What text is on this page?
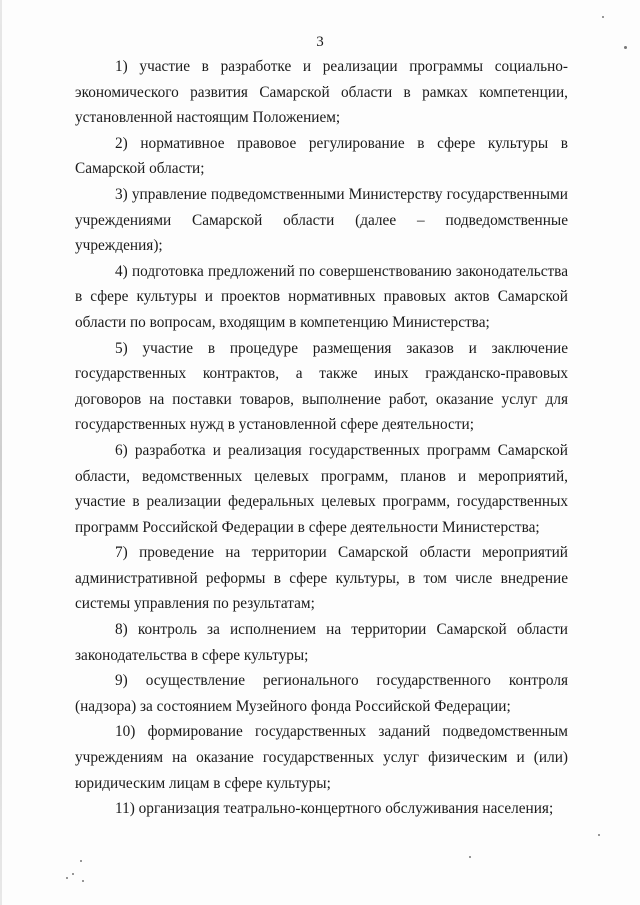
3

1) участие в разработке и реализации программы социально-экономического развития Самарской области в рамках компетенции, установленной настоящим Положением;

2) нормативное правовое регулирование в сфере культуры в Самарской области;

3) управление подведомственными Министерству государственными учреждениями Самарской области (далее – подведомственные учреждения);

4) подготовка предложений по совершенствованию законодательства в сфере культуры и проектов нормативных правовых актов Самарской области по вопросам, входящим в компетенцию Министерства;

5) участие в процедуре размещения заказов и заключение государственных контрактов, а также иных гражданско-правовых договоров на поставки товаров, выполнение работ, оказание услуг для государственных нужд в установленной сфере деятельности;

6) разработка и реализация государственных программ Самарской области, ведомственных целевых программ, планов и мероприятий, участие в реализации федеральных целевых программ, государственных программ Российской Федерации в сфере деятельности Министерства;

7) проведение на территории Самарской области мероприятий административной реформы в сфере культуры, в том числе внедрение системы управления по результатам;

8) контроль за исполнением на территории Самарской области законодательства в сфере культуры;

9) осуществление регионального государственного контроля (надзора) за состоянием Музейного фонда Российской Федерации;

10) формирование государственных заданий подведомственным учреждениям на оказание государственных услуг физическим и (или) юридическим лицам в сфере культуры;

11) организация театрально-концертного обслуживания населения;
